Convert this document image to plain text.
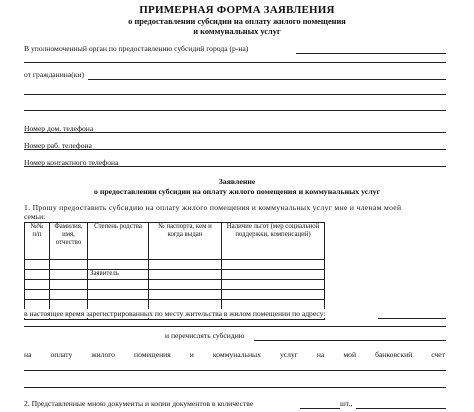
ПРИМЕРНАЯ ФОРМА ЗАЯВЛЕНИЯ
о предоставлении субсидии на оплату жилого помещения
и коммунальных услуг
В уполномоченный орган по предоставлению субсидий города (р-на)
от гражданина(ки)
Номер дом. телефона
Номер раб. телефона
Номер контактного телефона
Заявление
о предоставлении субсидии на оплату жилого помещения и коммунальных услуг
1. Прошу предоставить субсидию на оплату жилого помещения и коммунальных услуг мне и членам моей
семьи:
№№ п/п	Фамилия, имя, отчество	Степень родства	№ паспорта, кем и когда выдан	Наличие льгот (мер социальной поддержки, компенсаций)

		Заявитель		

в настоящее время зарегистрированных по месту жительства в жилом помещении по адресу:
и перечислять субсидию
на	оплату	жилого	помещения	и	коммунальных	услуг	на	мой	банковский	счет
2. Представленные мною документы и копии документов в количестве	шт.,
